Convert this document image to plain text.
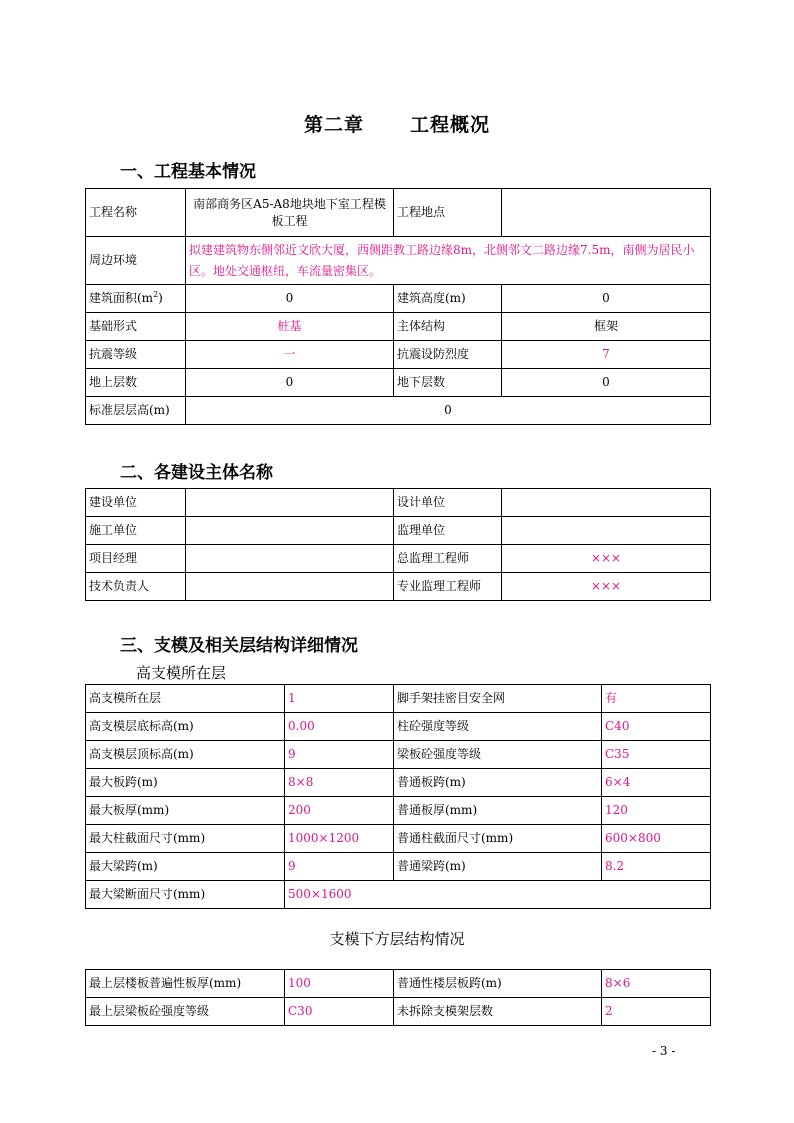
第二章 工程概况
一、工程基本情况
工程名称	南部商务区A5-A8地块地下室工程模板工程	工程地点	
周边环境	拟建建筑物东侧邻近文欣大厦，西侧距教工路边缘8m，北侧邻文二路边缘7.5m，南侧为居民小区。地处交通枢纽，车流量密集区。		
建筑面积$(m^2)$	0	建筑高度(m)	0
基础形式	桩基	主体结构	框架
抗震等级	一	抗震设防烈度	7
地上层数	0	地下层数	0
标准层层高(m)	0		
二、各建设主体名称
建设单位		设计单位	
施工单位		监理单位	
项目经理		总监理工程师	×××
技术负责人		专业监理工程师	×××
三、支模及相关层结构详细情况
高支模所在层
高支模所在层	1	脚手架挂密目安全网	有
高支模层底标高(m)	0.00	柱砼强度等级	C40
高支模层顶标高(m)	9	梁板砼强度等级	C35
最大板跨(m)	8×8	普通板跨(m)	6×4
最大板厚(mm)	200	普通板厚(mm)	120
最大柱截面尺寸(mm)	1000×1200	普通柱截面尺寸(mm)	600×800
最大梁跨(m)	9	普通梁跨(m)	8.2
最大梁断面尺寸(mm)	500×1600		
支模下方层结构情况
最上层楼板普遍性板厚(mm)	100	普通性楼层板跨(m)	8×6
最上层梁板砼强度等级	C30	未拆除支模架层数	2
- 3 -
